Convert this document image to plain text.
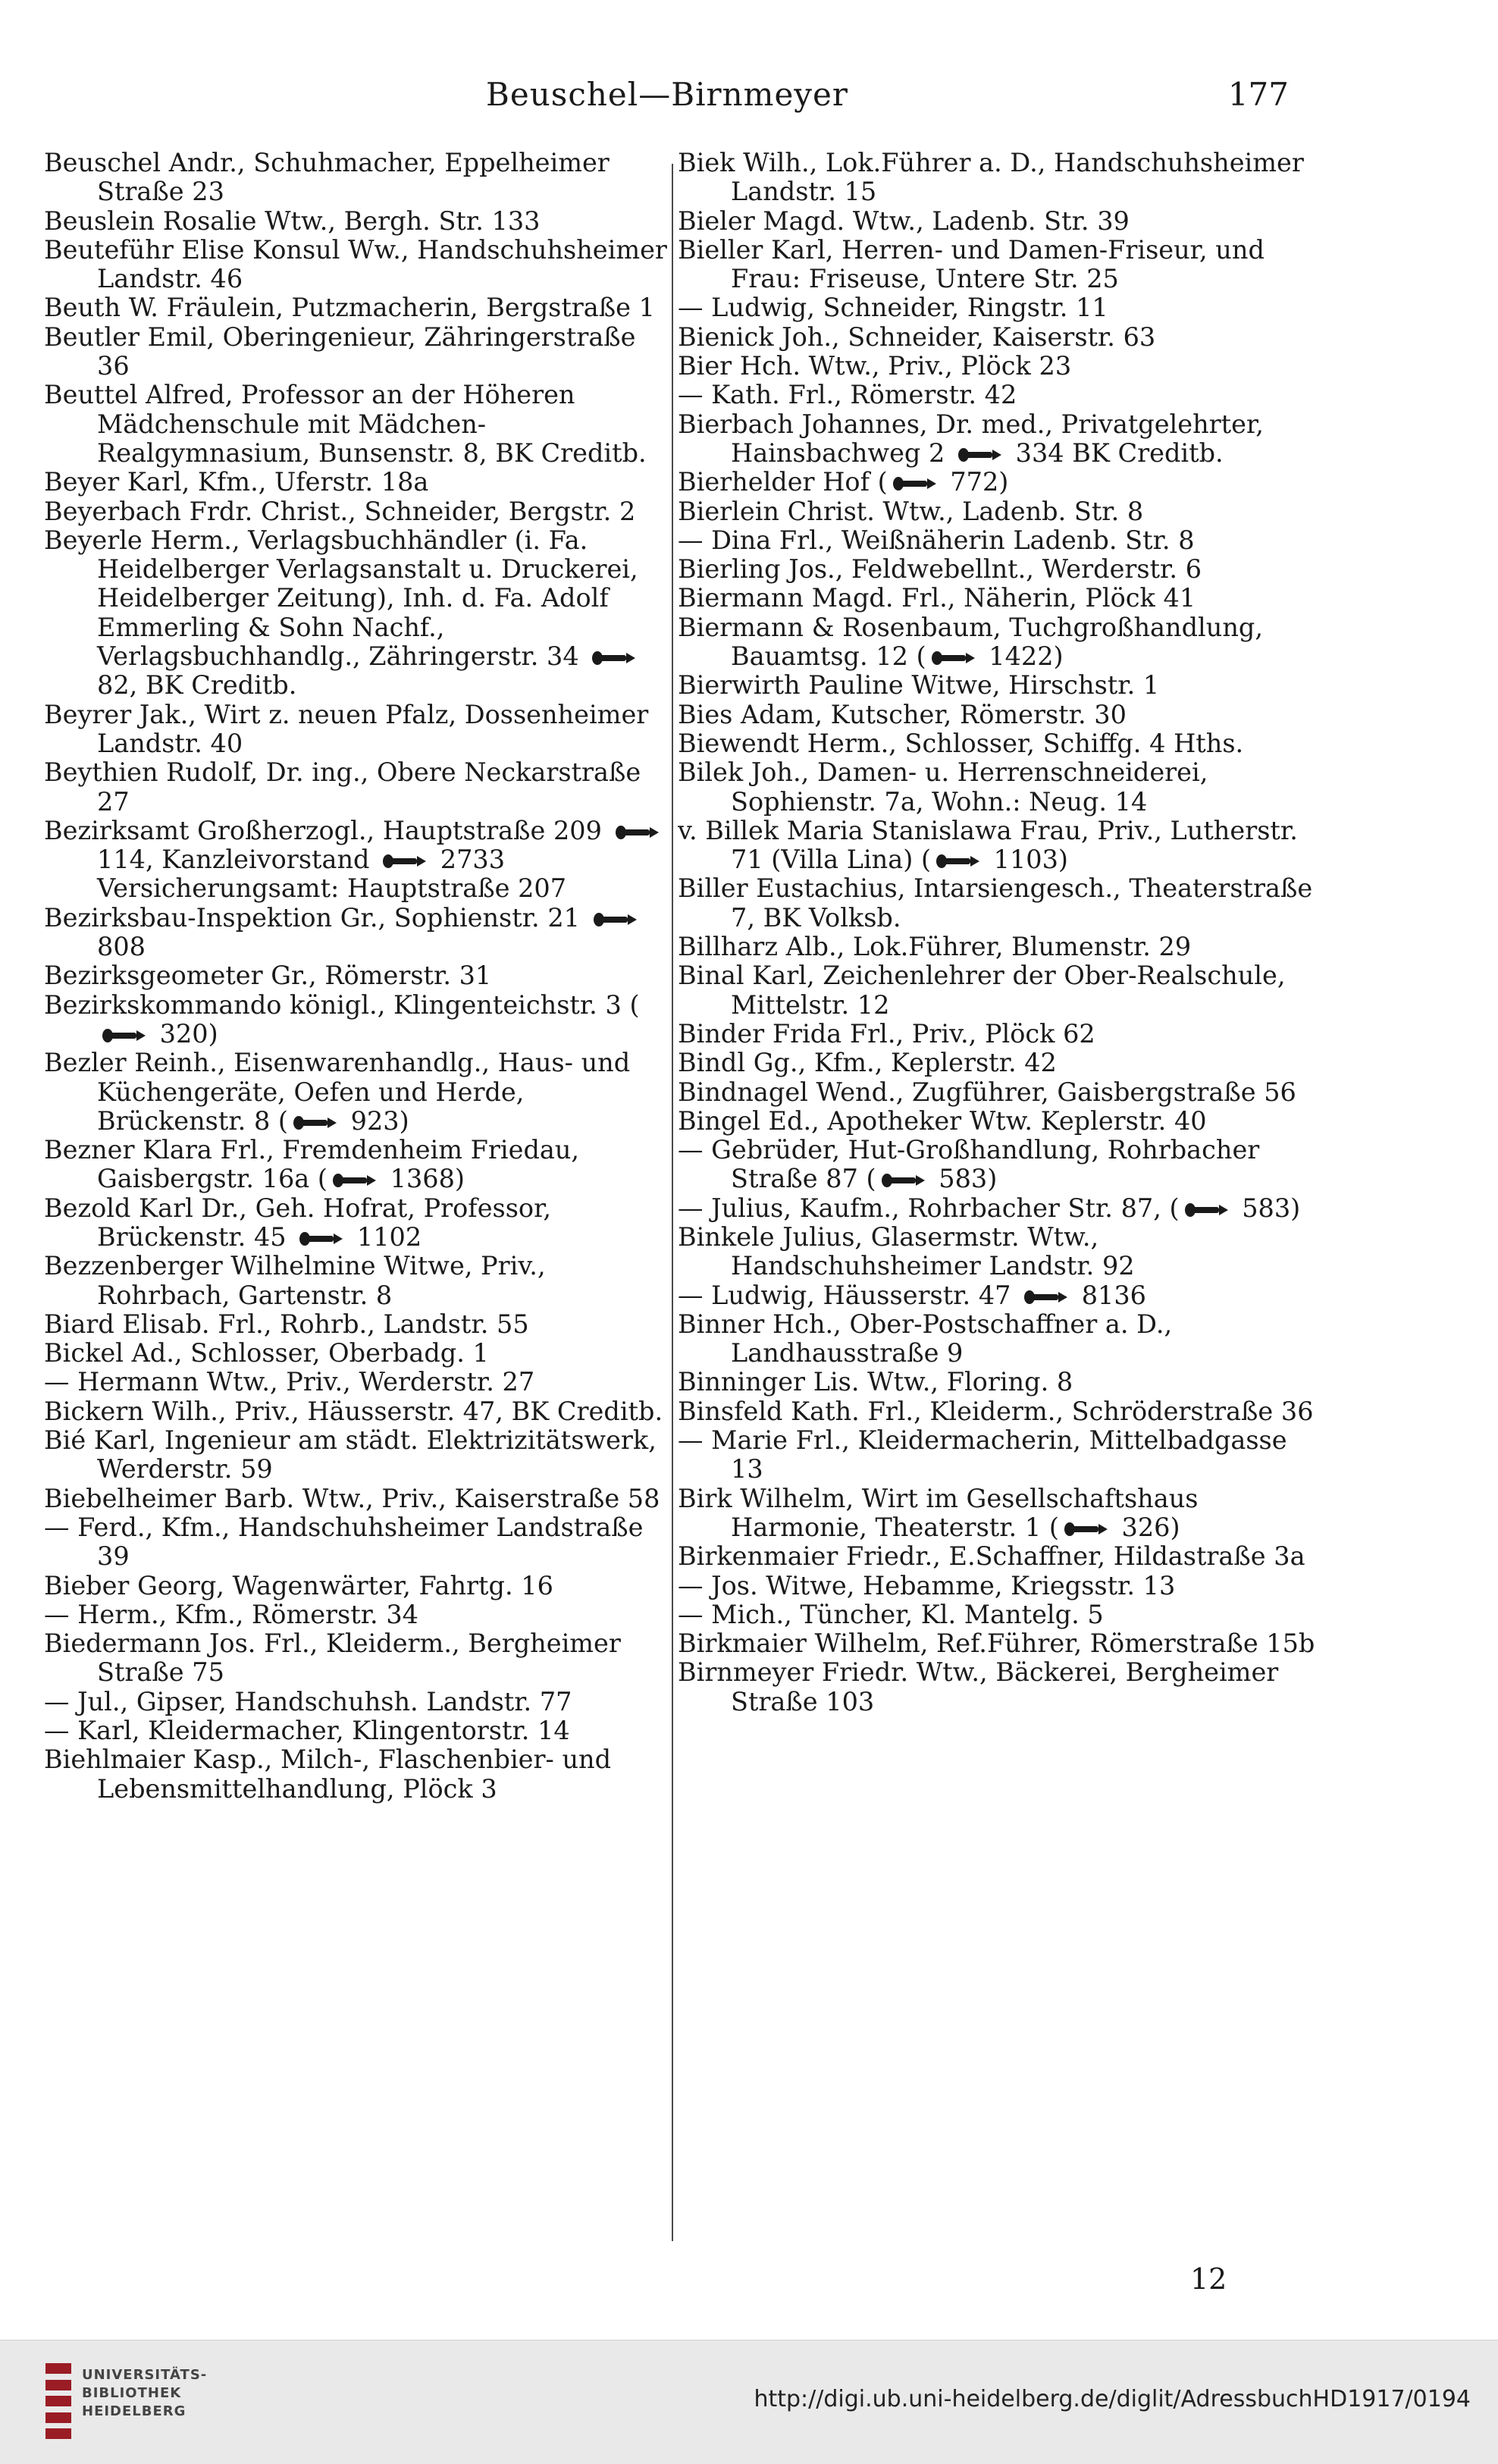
Beuschel—Birnmeyer	177

Beuschel Andr., Schuhmacher, Eppelheimer Straße 23

Beuslein Rosalie Wtw., Bergh. Str. 133

Beuteführ Elise Konsul Ww., Handschuhsheimer Landstr. 46

Beuth W. Fräulein, Putzmacherin, Bergstraße 1

Beutler Emil, Oberingenieur, Zähringerstraße 36

Beuttel Alfred, Professor an der Höheren Mädchenschule mit Mädchen-Realgymnasium, Bunsenstr. 8, BK Creditb.

Beyer Karl, Kfm., Uferstr. 18a

Beyerbach Frdr. Christ., Schneider, Bergstr. 2

Beyerle Herm., Verlagsbuchhändler (i. Fa. Heidelberger Verlagsanstalt u. Druckerei, Heidelberger Zeitung), Inh. d. Fa. Adolf Emmerling & Sohn Nachf., Verlagsbuchhandlg., Zähringerstr. 34
82, BK Creditb.

Beyrer Jak., Wirt z. neuen Pfalz, Dossenheimer Landstr. 40

Beythien Rudolf, Dr. ing., Obere Neckarstraße 27

Bezirksamt Großherzogl., Hauptstraße 209
114, Kanzleivorstand
2733 Versicherungsamt: Hauptstraße 207

Bezirksbau-Inspektion Gr., Sophienstr. 21
808

Bezirksgeometer Gr., Römerstr. 31

Bezirkskommando königl., Klingenteichstr. 3 (
320)

Bezler Reinh., Eisenwarenhandlg., Haus- und Küchengeräte, Oefen und Herde, Brückenstr. 8 (
923)

Bezner Klara Frl., Fremdenheim Friedau, Gaisbergstr. 16a (
1368)

Bezold Karl Dr., Geh. Hofrat, Professor, Brückenstr. 45
1102

Bezzenberger Wilhelmine Witwe, Priv., Rohrbach, Gartenstr. 8

Biard Elisab. Frl., Rohrb., Landstr. 55

Bickel Ad., Schlosser, Oberbadg. 1

— Hermann Wtw., Priv., Werderstr. 27

Bickern Wilh., Priv., Häusserstr. 47, BK Creditb.

Bié Karl, Ingenieur am städt. Elektrizitätswerk, Werderstr. 59

Biebelheimer Barb. Wtw., Priv., Kaiserstraße 58

— Ferd., Kfm., Handschuhsheimer Landstraße 39

Bieber Georg, Wagenwärter, Fahrtg. 16

— Herm., Kfm., Römerstr. 34

Biedermann Jos. Frl., Kleiderm., Bergheimer Straße 75

— Jul., Gipser, Handschuhsh. Landstr. 77

— Karl, Kleidermacher, Klingentorstr. 14

Biehlmaier Kasp., Milch-, Flaschenbier- und Lebensmittelhandlung, Plöck 3

Biek Wilh., Lok.Führer a. D., Handschuhsheimer Landstr. 15

Bieler Magd. Wtw., Ladenb. Str. 39

Bieller Karl, Herren- und Damen-Friseur, und Frau: Friseuse, Untere Str. 25

— Ludwig, Schneider, Ringstr. 11

Bienick Joh., Schneider, Kaiserstr. 63

Bier Hch. Wtw., Priv., Plöck 23

— Kath. Frl., Römerstr. 42

Bierbach Johannes, Dr. med., Privatgelehrter, Hainsbachweg 2
334 BK Creditb.

Bierhelder Hof (
772)

Bierlein Christ. Wtw., Ladenb. Str. 8

— Dina Frl., Weißnäherin Ladenb. Str. 8

Bierling Jos., Feldwebellnt., Werderstr. 6

Biermann Magd. Frl., Näherin, Plöck 41

Biermann & Rosenbaum, Tuchgroßhandlung, Bauamtsg. 12 (
1422)

Bierwirth Pauline Witwe, Hirschstr. 1

Bies Adam, Kutscher, Römerstr. 30

Biewendt Herm., Schlosser, Schiffg. 4 Hths.

Bilek Joh., Damen- u. Herrenschneiderei, Sophienstr. 7a, Wohn.: Neug. 14

v. Billek Maria Stanislawa Frau, Priv., Lutherstr. 71 (Villa Lina) (
1103)

Biller Eustachius, Intarsiengesch., Theaterstraße 7, BK Volksb.

Billharz Alb., Lok.Führer, Blumenstr. 29

Binal Karl, Zeichenlehrer der Ober-Realschule, Mittelstr. 12

Binder Frida Frl., Priv., Plöck 62

Bindl Gg., Kfm., Keplerstr. 42

Bindnagel Wend., Zugführer, Gaisbergstraße 56

Bingel Ed., Apotheker Wtw. Keplerstr. 40

— Gebrüder, Hut-Großhandlung, Rohrbacher Straße 87 (
583)

— Julius, Kaufm., Rohrbacher Str. 87, (
583)

Binkele Julius, Glasermstr. Wtw., Handschuhsheimer Landstr. 92

— Ludwig, Häusserstr. 47
8136

Binner Hch., Ober-Postschaffner a. D., Landhausstraße 9

Binninger Lis. Wtw., Floring. 8

Binsfeld Kath. Frl., Kleiderm., Schröderstraße 36

— Marie Frl., Kleidermacherin, Mittelbadgasse 13

Birk Wilhelm, Wirt im Gesellschaftshaus Harmonie, Theaterstr. 1 (
326)

Birkenmaier Friedr., E.Schaffner, Hildastraße 3a

— Jos. Witwe, Hebamme, Kriegsstr. 13

— Mich., Tüncher, Kl. Mantelg. 5

Birkmaier Wilhelm, Ref.Führer, Römerstraße 15b

Birnmeyer Friedr. Wtw., Bäckerei, Bergheimer Straße 103

12
UNIVERSITÄTS-
BIBLIOTHEK
HEIDELBERG	http://digi.ub.uni-heidelberg.de/diglit/AdressbuchHD1917/0194
